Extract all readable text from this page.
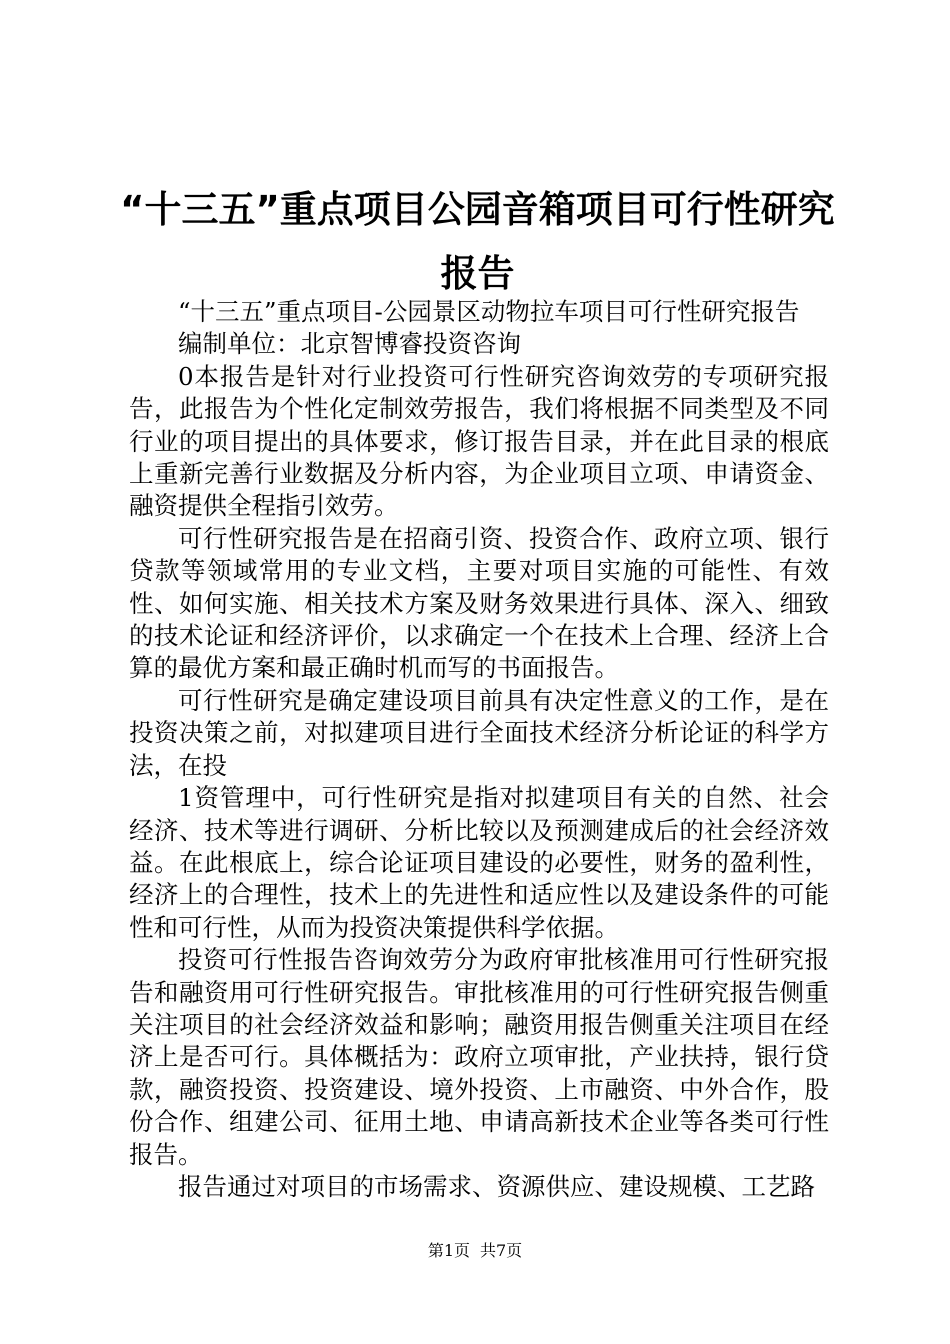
“十三五”重点项目公园音箱项目可行性研究报告

“十三五”重点项目-公园景区动物拉车项目可行性研究报告

编制单位：北京智博睿投资咨询

0本报告是针对行业投资可行性研究咨询效劳的专项研究报告，此报告为个性化定制效劳报告，我们将根据不同类型及不同行业的项目提出的具体要求，修订报告目录，并在此目录的根底上重新完善行业数据及分析内容，为企业项目立项、申请资金、融资提供全程指引效劳。

可行性研究报告是在招商引资、投资合作、政府立项、银行贷款等领域常用的专业文档，主要对项目实施的可能性、有效性、如何实施、相关技术方案及财务效果进行具体、深入、细致的技术论证和经济评价，以求确定一个在技术上合理、经济上合算的最优方案和最正确时机而写的书面报告。

可行性研究是确定建设项目前具有决定性意义的工作，是在投资决策之前，对拟建项目进行全面技术经济分析论证的科学方法，在投

1资管理中，可行性研究是指对拟建项目有关的自然、社会经济、技术等进行调研、分析比较以及预测建成后的社会经济效益。在此根底上，综合论证项目建设的必要性，财务的盈利性，经济上的合理性，技术上的先进性和适应性以及建设条件的可能性和可行性，从而为投资决策提供科学依据。

投资可行性报告咨询效劳分为政府审批核准用可行性研究报告和融资用可行性研究报告。审批核准用的可行性研究报告侧重关注项目的社会经济效益和影响；融资用报告侧重关注项目在经济上是否可行。具体概括为：政府立项审批，产业扶持，银行贷款，融资投资、投资建设、境外投资、上市融资、中外合作，股份合作、组建公司、征用土地、申请高新技术企业等各类可行性报告。

报告通过对项目的市场需求、资源供应、建设规模、工艺路

第1页 共7页
